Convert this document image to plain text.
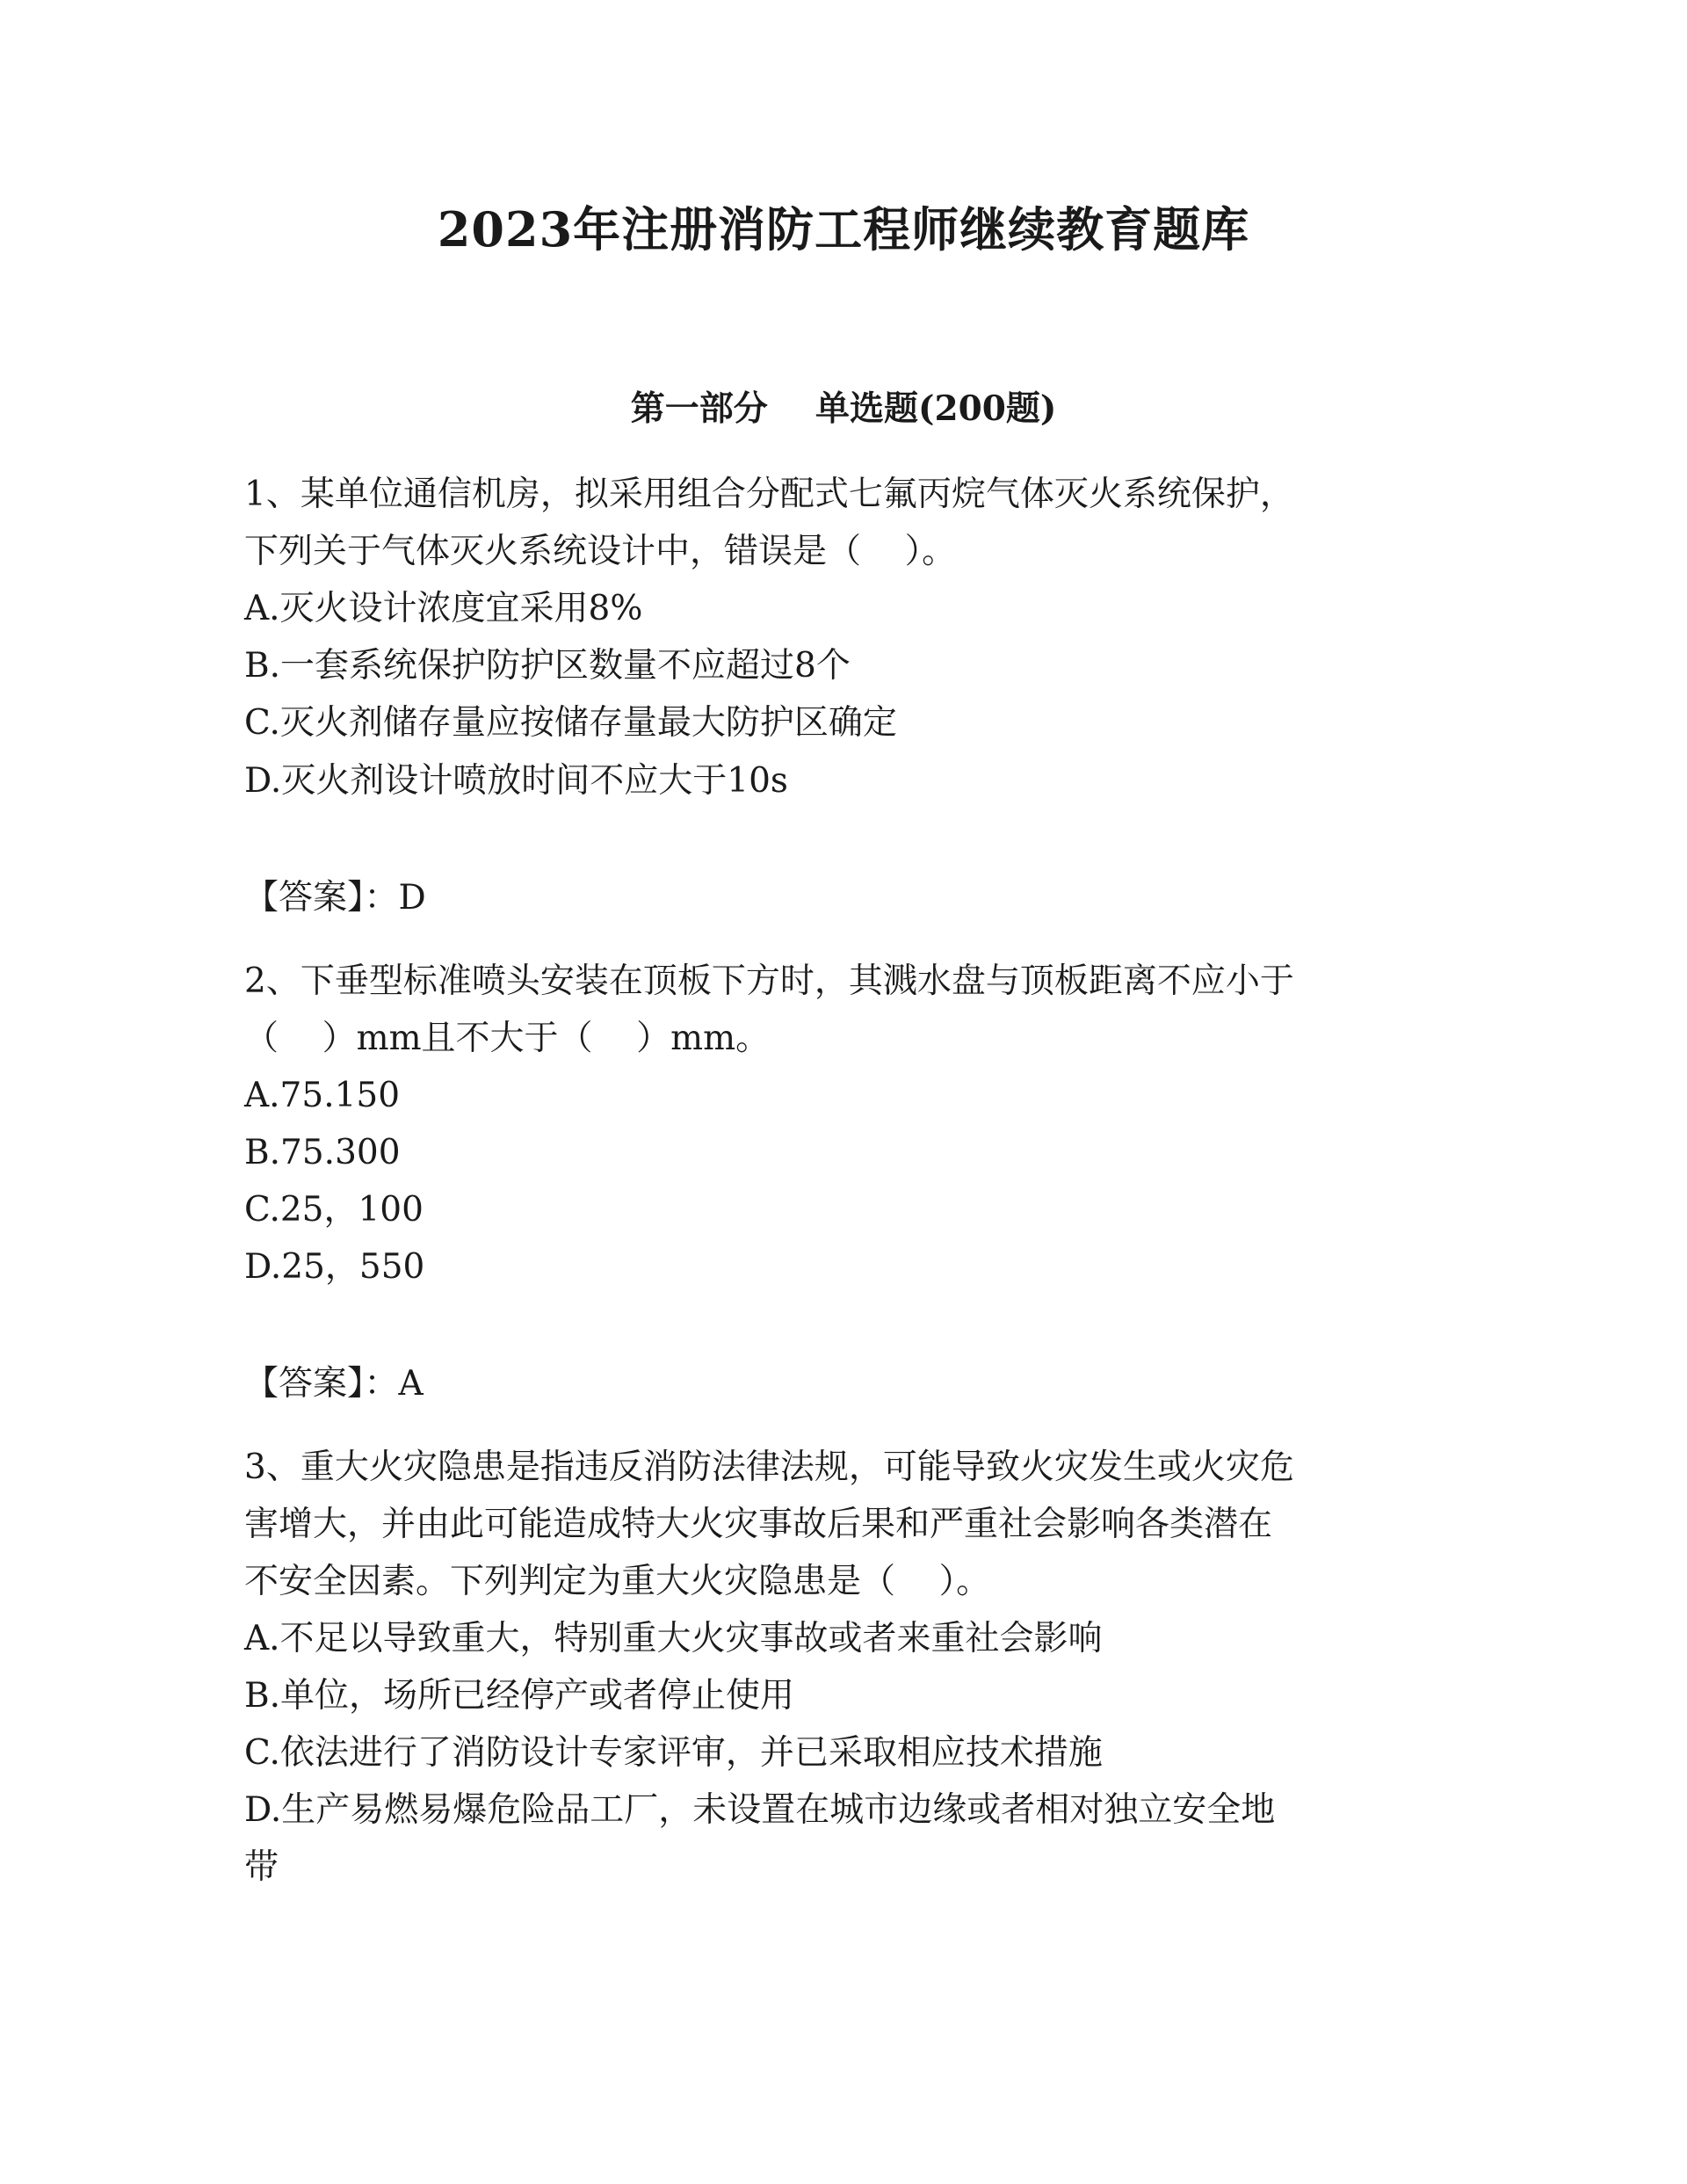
2023年注册消防工程师继续教育题库
第一部分    单选题(200题)
1、某单位通信机房，拟采用组合分配式七氟丙烷气体灭火系统保护，
下列关于气体灭火系统设计中，错误是（    ）。
A.灭火设计浓度宜采用8%
B.一套系统保护防护区数量不应超过8个
C.灭火剂储存量应按储存量最大防护区确定
D.灭火剂设计喷放时间不应大于10s
【答案】：D
2、下垂型标准喷头安装在顶板下方时，其溅水盘与顶板距离不应小于
（    ）mm且不大于（    ）mm。
A.75.150
B.75.300
C.25，100
D.25，550
【答案】：A
3、重大火灾隐患是指违反消防法律法规，可能导致火灾发生或火灾危
害增大，并由此可能造成特大火灾事故后果和严重社会影响各类潜在
不安全因素。下列判定为重大火灾隐患是（    ）。
A.不足以导致重大，特别重大火灾事故或者来重社会影响
B.单位，场所已经停产或者停止使用
C.依法进行了消防设计专家评审，并已采取相应技术措施
D.生产易燃易爆危险品工厂，未设置在城市边缘或者相对独立安全地
带
